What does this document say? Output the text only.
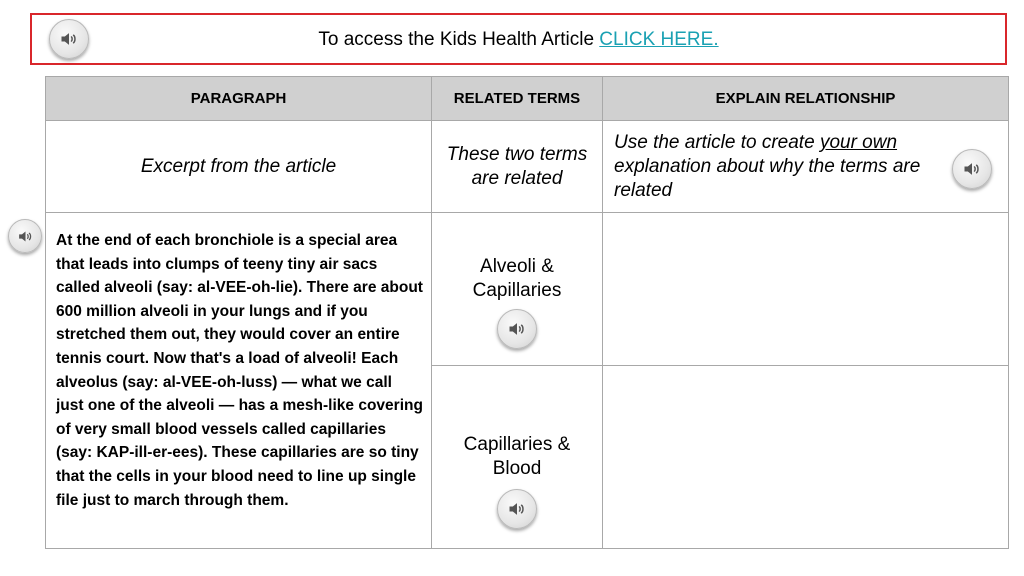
To access the Kids Health Article CLICK HERE.
PARAGRAPH	RELATED TERMS	EXPLAIN RELATIONSHIP
Excerpt from the article	These two terms are related	Use the article to create your own explanation about why the terms are related

At the end of each bronchiole is a special area that leads into clumps of teeny tiny air sacs called alveoli (say: al-VEE-oh-lie). There are about 600 million alveoli in your lungs and if you stretched them out, they would cover an entire tennis court. Now that's a load of alveoli! Each alveolus (say: al-VEE-oh-luss) — what we call just one of the alveoli — has a mesh-like covering of very small blood vessels called capillaries (say: KAP-ill-er-ees). These capillaries are so tiny that the cells in your blood need to line up single file just to march through them.	Alveoli & Capillaries	

	Capillaries & Blood	
